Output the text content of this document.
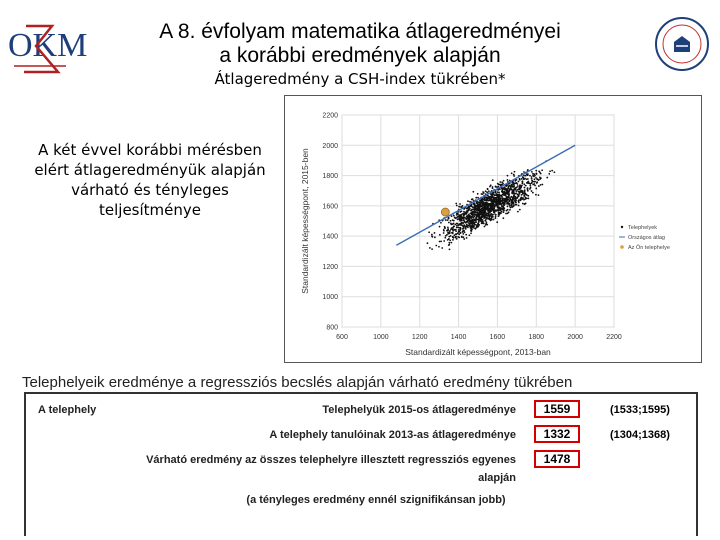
OKM	A 8. évfolyam matematika átlageredményei
a korábbi eredmények alapján
Átlageredmény a CSH-index tükrében*
A két évvel korábbi mérésben elért átlageredményük alapján várható és tényleges teljesítménye
600	1000	1200	1400	1600	1800	2000	2200
800
1000
1200
1400
1600
1800
2000
2200
Standardizált képességpont, 2013-ban
Standardizált képességpont, 2015-ben	Telephelyek
Országos átlag
Az Ön telephelye
Telephelyeik eredménye a regressziós becslés alapján várható eredmény tükrében
A telephely	Telephelyük 2015-os átlageredménye	1559	(1533;1595)
A telephely tanulóinak 2013-as átlageredménye	1332	(1304;1368)
Várható eredmény az összes telephelyre illesztett regressziós egyenes	1478
alapján
(a tényleges eredmény ennél szignifikánsan jobb)
